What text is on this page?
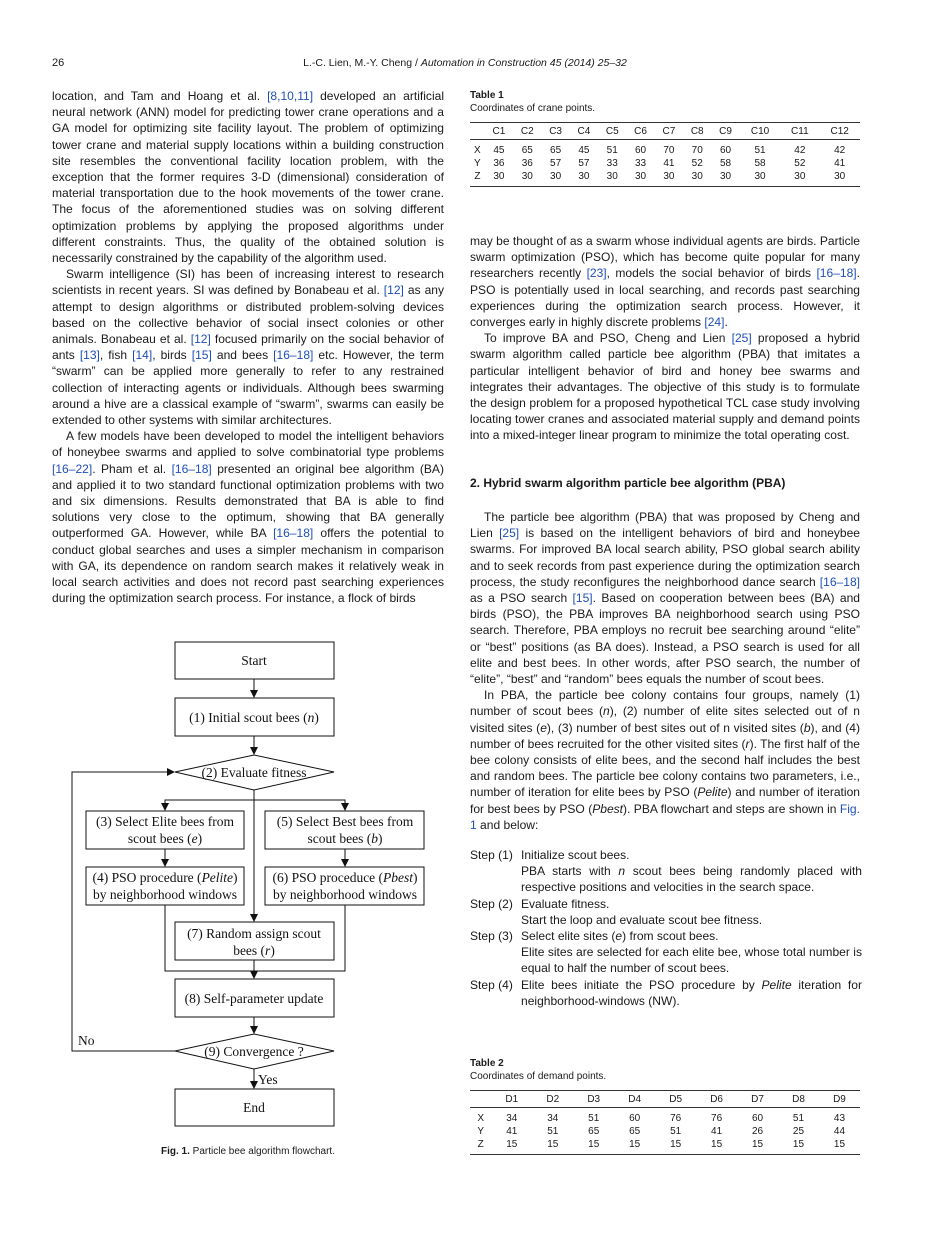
26	L.-C. Lien, M.-Y. Cheng / Automation in Construction 45 (2014) 25–32

location, and Tam and Hoang et al. [8,10,11] developed an artificial neural network (ANN) model for predicting tower crane operations and a GA model for optimizing site facility layout. The problem of optimizing tower crane and material supply locations within a building construction site resembles the conventional facility location problem, with the exception that the former requires 3-D (dimensional) consideration of material transportation due to the hook movements of the tower crane. The focus of the aforementioned studies was on solving different optimization problems by applying the proposed algorithms under different constraints. Thus, the quality of the obtained solution is necessarily constrained by the capability of the algorithm used.

Swarm intelligence (SI) has been of increasing interest to research scientists in recent years. SI was defined by Bonabeau et al. [12] as any attempt to design algorithms or distributed problem-solving devices based on the collective behavior of social insect colonies or other animals. Bonabeau et al. [12] focused primarily on the social behavior of ants [13], fish [14], birds [15] and bees [16–18] etc. However, the term “swarm” can be applied more generally to refer to any restrained collection of interacting agents or individuals. Although bees swarming around a hive are a classical example of “swarm”, swarms can easily be extended to other systems with similar architectures.

A few models have been developed to model the intelligent behaviors of honeybee swarms and applied to solve combinatorial type problems [16–22]. Pham et al. [16–18] presented an original bee algorithm (BA) and applied it to two standard functional optimization problems with two and six dimensions. Results demonstrated that BA is able to find solutions very close to the optimum, showing that BA generally outperformed GA. However, while BA [16–18] offers the potential to conduct global searches and uses a simpler mechanism in comparison with GA, its dependence on random search makes it relatively weak in local search activities and does not record past searching experiences during the optimization search process. For instance, a flock of birds

Table 1
Coordinates of crane points.
	C1	C2	C3	C4	C5	C6	C7	C8	C9	C10	C11	C12
X	45	65	65	45	51	60	70	70	60	51	42	42
Y	36	36	57	57	33	33	41	52	58	58	52	41
Z	30	30	30	30	30	30	30	30	30	30	30	30

may be thought of as a swarm whose individual agents are birds. Particle swarm optimization (PSO), which has become quite popular for many researchers recently [23], models the social behavior of birds [16–18]. PSO is potentially used in local searching, and records past searching experiences during the optimization search process. However, it converges early in highly discrete problems [24].

To improve BA and PSO, Cheng and Lien [25] proposed a hybrid swarm algorithm called particle bee algorithm (PBA) that imitates a particular intelligent behavior of bird and honey bee swarms and integrates their advantages. The objective of this study is to formulate the design problem for a proposed hypothetical TCL case study involving locating tower cranes and associated material supply and demand points into a mixed-integer linear program to minimize the total operating cost.

2. Hybrid swarm algorithm particle bee algorithm (PBA)

The particle bee algorithm (PBA) that was proposed by Cheng and Lien [25] is based on the intelligent behaviors of bird and honeybee swarms. For improved BA local search ability, PSO global search ability and to seek records from past experience during the optimization search process, the study reconfigures the neighborhood dance search [16–18] as a PSO search [15]. Based on cooperation between bees (BA) and birds (PSO), the PBA improves BA neighborhood search using PSO search. Therefore, PBA employs no recruit bee searching around “elite” or “best” positions (as BA does). Instead, a PSO search is used for all elite and best bees. In other words, after PSO search, the number of “elite”, “best” and “random” bees equals the number of scout bees.

In PBA, the particle bee colony contains four groups, namely (1) number of scout bees (n), (2) number of elite sites selected out of n visited sites (e), (3) number of best sites out of n visited sites (b), and (4) number of bees recruited for the other visited sites (r). The first half of the bee colony consists of elite bees, and the second half includes the best and random bees. The particle bee colony contains two parameters, i.e., number of iteration for elite bees by PSO (Pelite) and number of iteration for best bees by PSO (Pbest). PBA flowchart and steps are shown in Fig. 1 and below:

Step (1) Initialize scout bees.
PBA starts with n scout bees being randomly placed with respective positions and velocities in the search space.
Step (2) Evaluate fitness.
Start the loop and evaluate scout bee fitness.
Step (3) Select elite sites (e) from scout bees.
Elite sites are selected for each elite bee, whose total number is equal to half the number of scout bees.
Step (4) Elite bees initiate the PSO procedure by Pelite iteration for neighborhood-windows (NW).
Table 2
Coordinates of demand points.
	D1	D2	D3	D4	D5	D6	D7	D8	D9
X	34	34	51	60	76	76	60	51	43
Y	41	51	65	65	51	41	26	25	44
Z	15	15	15	15	15	15	15	15	15
Start
(1) Initial scout bees (n)
(2) Evaluate fitness
(3) Select Elite bees from
scout bees (e)
(5) Select Best bees from
scout bees (b)
(4) PSO procedure (Pelite)
by neighborhood windows
(6) PSO proceduce (Pbest)
by neighborhood windows
(7) Random assign scout
bees (r)
(8) Self-parameter update
(9) Convergence ?
No
Yes
End
Fig. 1. Particle bee algorithm flowchart.
